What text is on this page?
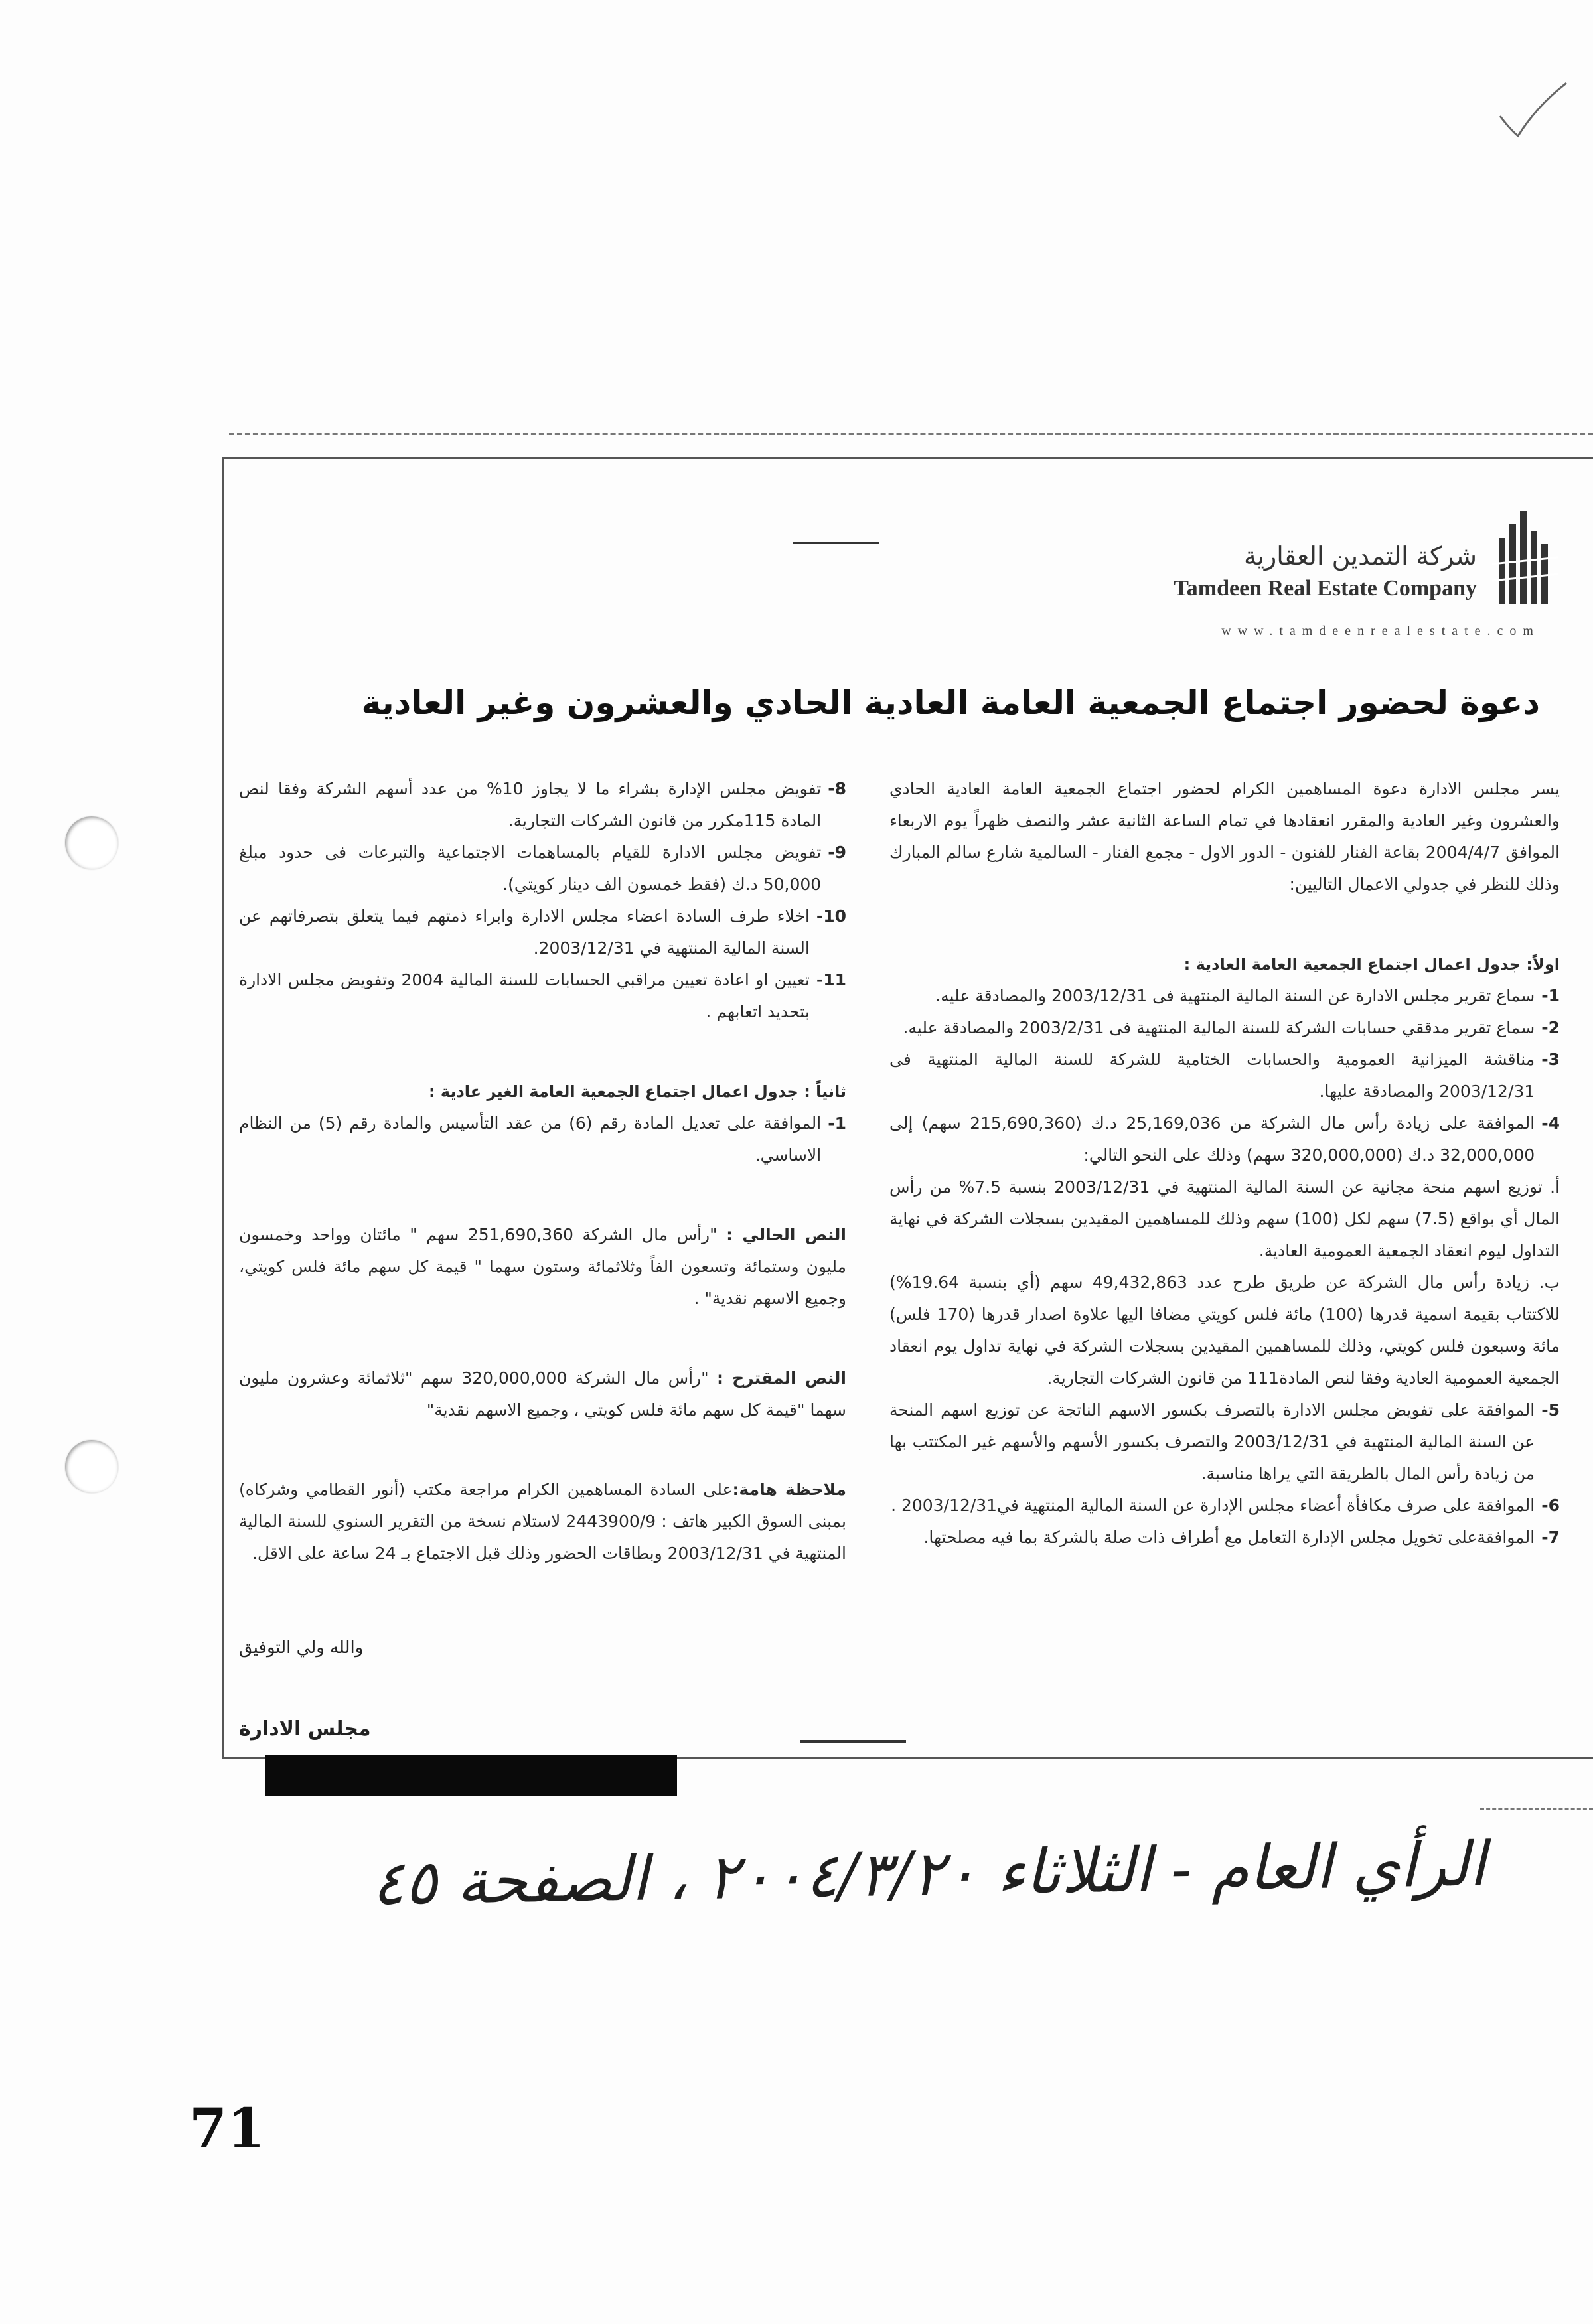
شركة التمدين العقارية
Tamdeen Real Estate Company
www.tamdeenrealestate.com
دعوة لحضور اجتماع الجمعية العامة العادية الحادي والعشرون وغير العادية

يسر مجلس الادارة دعوة المساهمين الكرام لحضور اجتماع الجمعية العامة العادية الحادي والعشرون وغير العادية والمقرر انعقادها في تمام الساعة الثانية عشر والنصف ظهراً يوم الاربعاء الموافق 2004/4/7 بقاعة الفنار للفنون - الدور الاول - مجمع الفنار - السالمية شارع سالم المبارك وذلك للنظر في جدولي الاعمال التاليين:

اولاً: جدول اعمال اجتماع الجمعية العامة العادية :

1-
سماع تقرير مجلس الادارة عن السنة المالية المنتهية فى 2003/12/31 والمصادقة عليه.
2-
سماع تقرير مدققي حسابات الشركة للسنة المالية المنتهية فى 2003/2/31 والمصادقة عليه.
3-
مناقشة الميزانية العمومية والحسابات الختامية للشركة للسنة المالية المنتهية فى 2003/12/31 والمصادقة عليها.
4-
الموافقة على زيادة رأس مال الشركة من 25,169,036 د.ك (215,690,360 سهم) إلى 32,000,000 د.ك (320,000,000 سهم) وذلك على النحو التالي:

أ. توزيع اسهم منحة مجانية عن السنة المالية المنتهية في 2003/12/31 بنسبة 7.5% من رأس المال أي بواقع (7.5) سهم لكل (100) سهم وذلك للمساهمين المقيدين بسجلات الشركة في نهاية التداول ليوم انعقاد الجمعية العمومية العادية.

ب. زيادة رأس مال الشركة عن طريق طرح عدد 49,432,863 سهم (أي بنسبة 19.64%) للاكتتاب بقيمة اسمية قدرها (100) مائة فلس كويتي مضافا اليها علاوة اصدار قدرها (170 فلس) مائة وسبعون فلس كويتي، وذلك للمساهمين المقيدين بسجلات الشركة في نهاية تداول يوم انعقاد الجمعية العمومية العادية وفقا لنص المادة111 من قانون الشركات التجارية.

5-
الموافقة على تفويض مجلس الادارة بالتصرف بكسور الاسهم الناتجة عن توزيع اسهم المنحة عن السنة المالية المنتهية في 2003/12/31 والتصرف بكسور الأسهم والأسهم غير المكتتب بها من زيادة رأس المال بالطريقة التي يراها مناسبة.
6-
الموافقة على صرف مكافأة أعضاء مجلس الإدارة عن السنة المالية المنتهية في2003/12/31 .
7-
الموافقةعلى تخويل مجلس الإدارة التعامل مع أطراف ذات صلة بالشركة بما فيه مصلحتها.
8-
تفويض مجلس الإدارة بشراء ما لا يجاوز 10% من عدد أسهم الشركة وفقا لنص المادة 115مكرر من قانون الشركات التجارية.
9-
تفويض مجلس الادارة للقيام بالمساهمات الاجتماعية والتبرعات فى حدود مبلغ 50,000 د.ك (فقط خمسون الف دينار كويتي).
10-
اخلاء طرف السادة اعضاء مجلس الادارة وابراء ذمتهم فيما يتعلق بتصرفاتهم عن السنة المالية المنتهية في 2003/12/31.
11-
تعيين او اعادة تعيين مراقبي الحسابات للسنة المالية 2004 وتفويض مجلس الادارة بتحديد اتعابهم .

ثانياً : جدول اعمال اجتماع الجمعية العامة الغير عادية :

1-
الموافقة على تعديل المادة رقم (6) من عقد التأسيس والمادة رقم (5) من النظام الاساسي.

النص الحالي : "رأس مال الشركة 251,690,360 سهم " مائتان وواحد وخمسون مليون وستمائة وتسعون الفاً وثلاثمائة وستون سهما " قيمة كل سهم مائة فلس كويتي، وجميع الاسهم نقدية" .

النص المقترح : "رأس مال الشركة 320,000,000 سهم "ثلاثمائة وعشرون مليون سهما "قيمة كل سهم مائة فلس كويتي ، وجميع الاسهم نقدية"

ملاحظة هامة:على السادة المساهمين الكرام مراجعة مكتب (أنور القطامي وشركاه) بمبنى السوق الكبير هاتف : 2443900/9 لاستلام نسخة من التقرير السنوي للسنة المالية المنتهية في 2003/12/31 وبطاقات الحضور وذلك قبل الاجتماع بـ 24 ساعة على الاقل.

والله ولي التوفيق
مجلس الادارة
الرأي العام - الثلاثاء ٢٠٠٤/٣/٢٠ ، الصفحة ٤٥
71
